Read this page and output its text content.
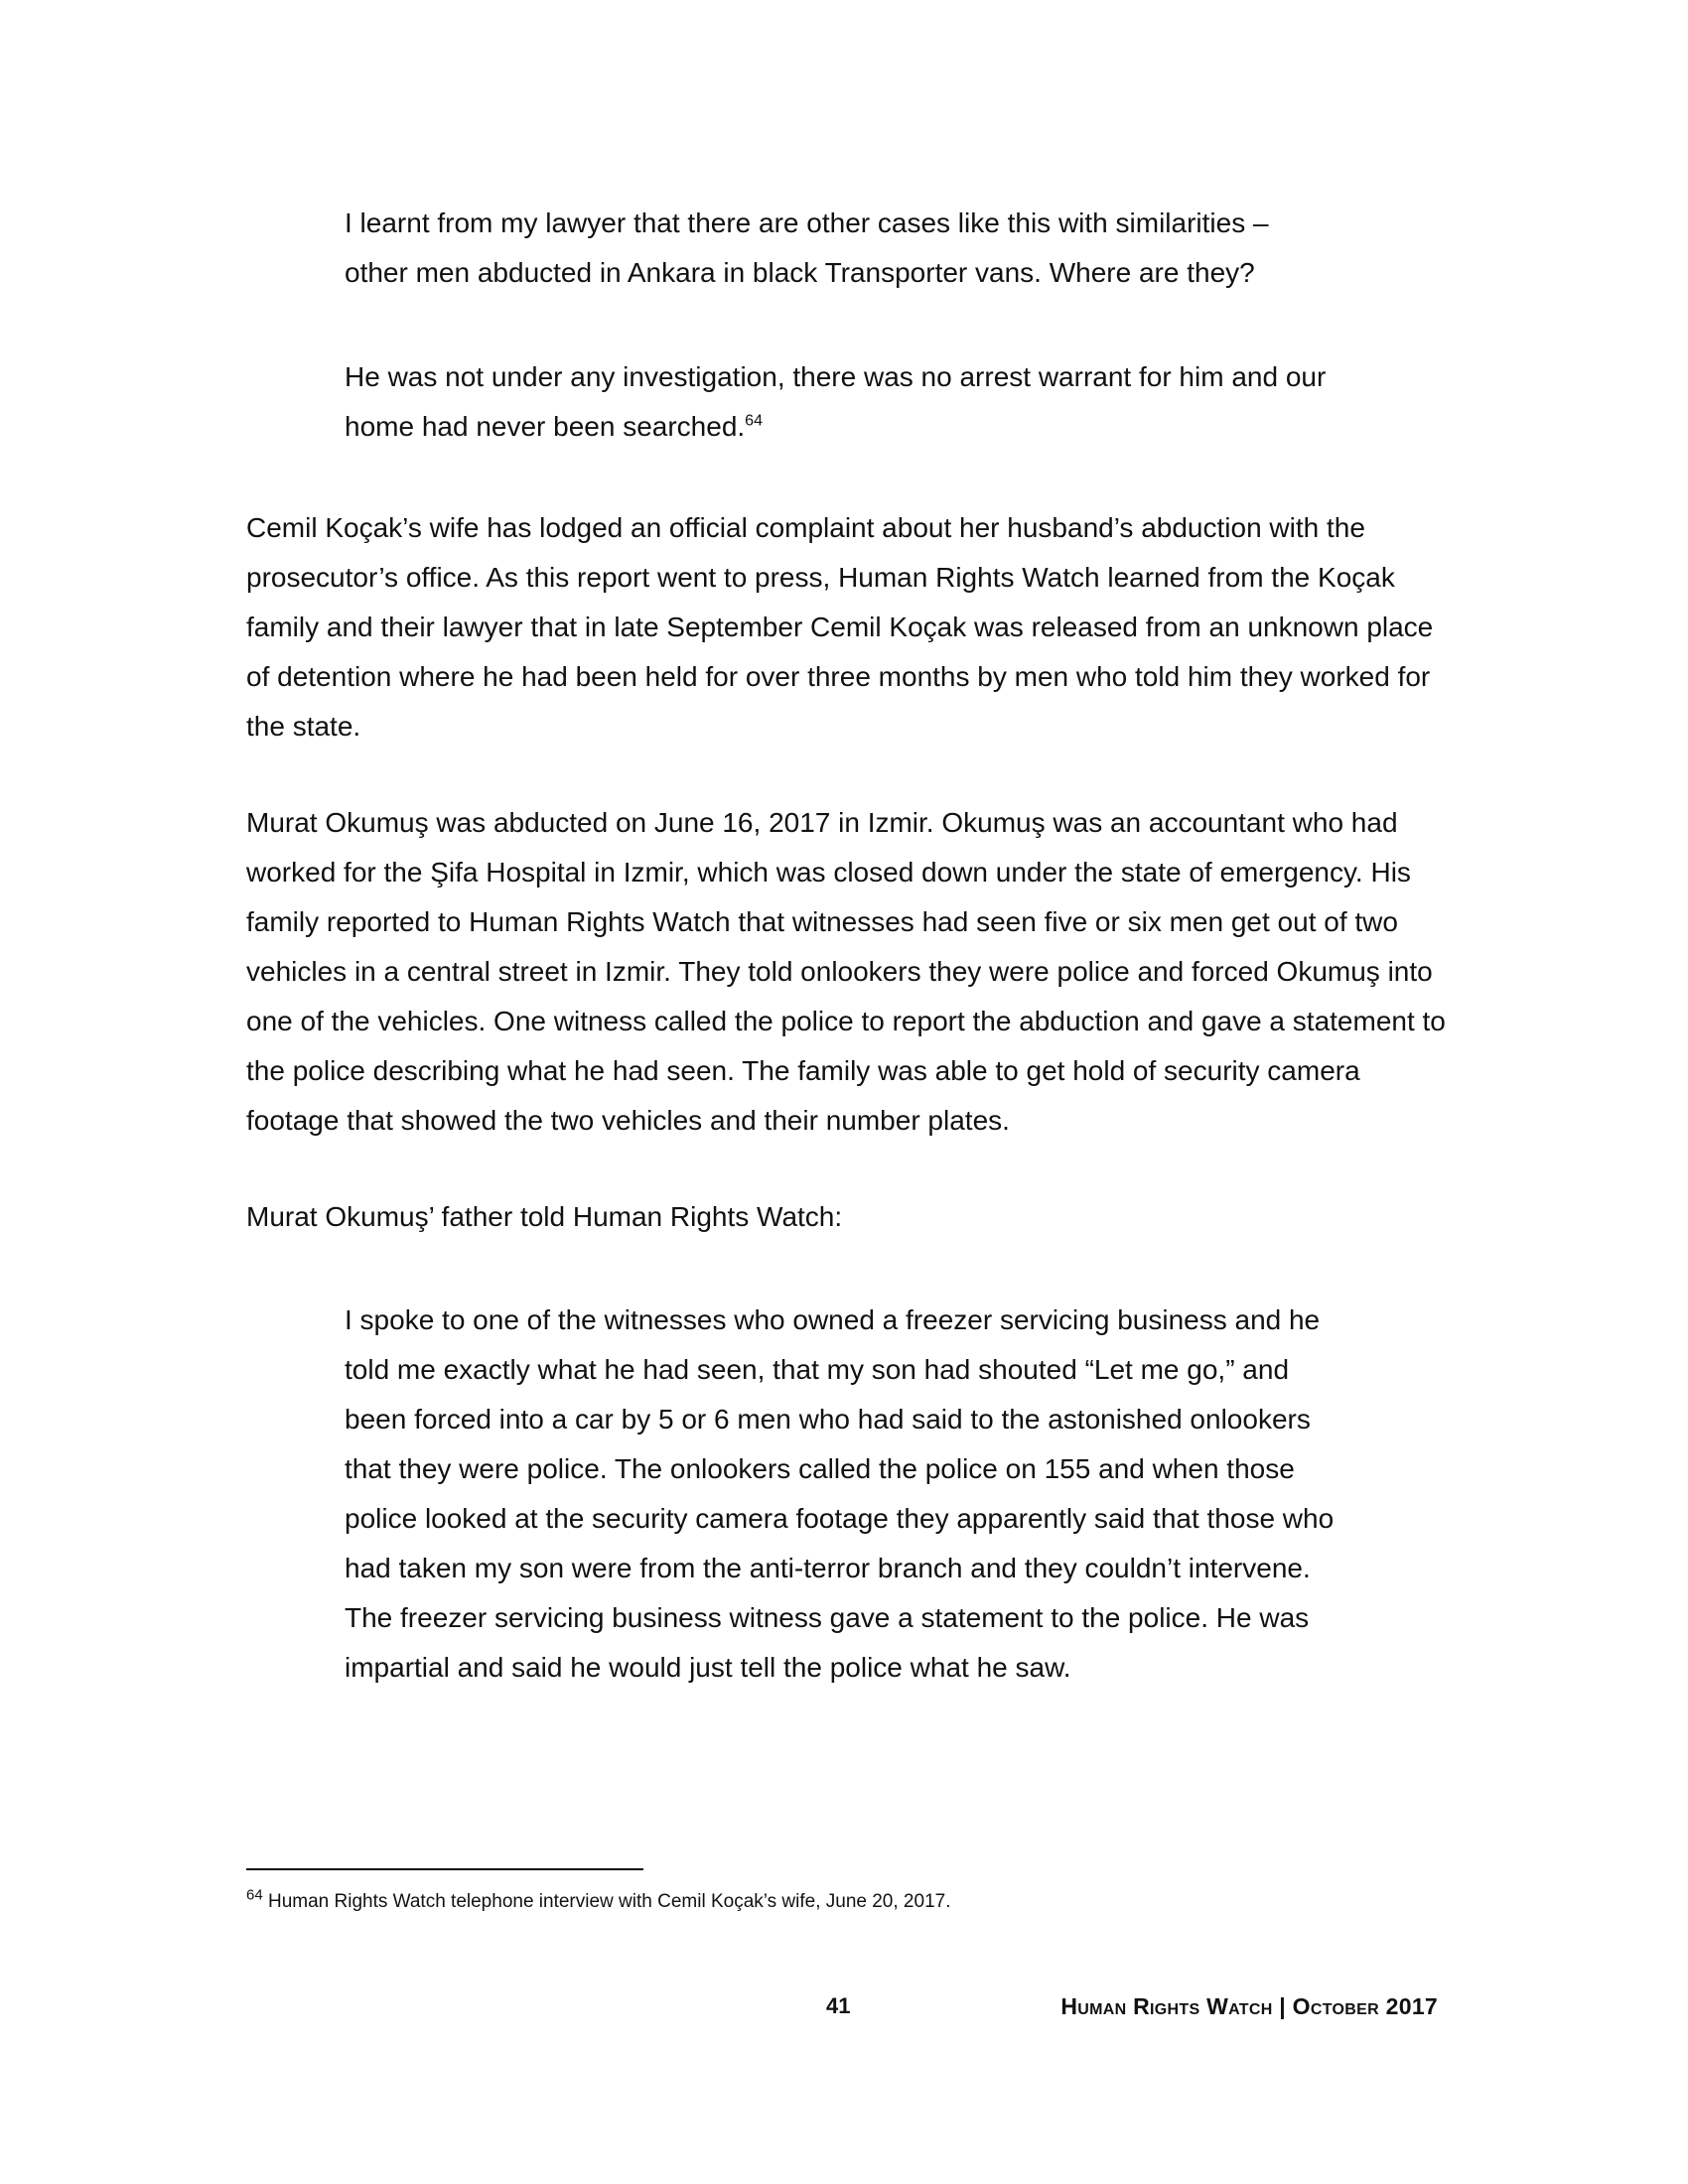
I learnt from my lawyer that there are other cases like this with similarities – other men abducted in Ankara in black Transporter vans. Where are they?

He was not under any investigation, there was no arrest warrant for him and our home had never been searched.$^{64}$

Cemil Koçak’s wife has lodged an official complaint about her husband’s abduction with the prosecutor’s office. As this report went to press, Human Rights Watch learned from the Koçak family and their lawyer that in late September Cemil Koçak was released from an unknown place of detention where he had been held for over three months by men who told him they worked for the state.

Murat Okumuş was abducted on June 16, 2017 in Izmir. Okumuş was an accountant who had worked for the Şifa Hospital in Izmir, which was closed down under the state of emergency. His family reported to Human Rights Watch that witnesses had seen five or six men get out of two vehicles in a central street in Izmir. They told onlookers they were police and forced Okumuş into one of the vehicles. One witness called the police to report the abduction and gave a statement to the police describing what he had seen. The family was able to get hold of security camera footage that showed the two vehicles and their number plates.

Murat Okumuş’ father told Human Rights Watch:

I spoke to one of the witnesses who owned a freezer servicing business and he told me exactly what he had seen, that my son had shouted “Let me go,” and been forced into a car by 5 or 6 men who had said to the astonished onlookers that they were police. The onlookers called the police on 155 and when those police looked at the security camera footage they apparently said that those who had taken my son were from the anti-terror branch and they couldn’t intervene. The freezer servicing business witness gave a statement to the police. He was impartial and said he would just tell the police what he saw.

$^{64}$ Human Rights Watch telephone interview with Cemil Koçak’s wife, June 20, 2017.

41	Human Rights Watch | October 2017
